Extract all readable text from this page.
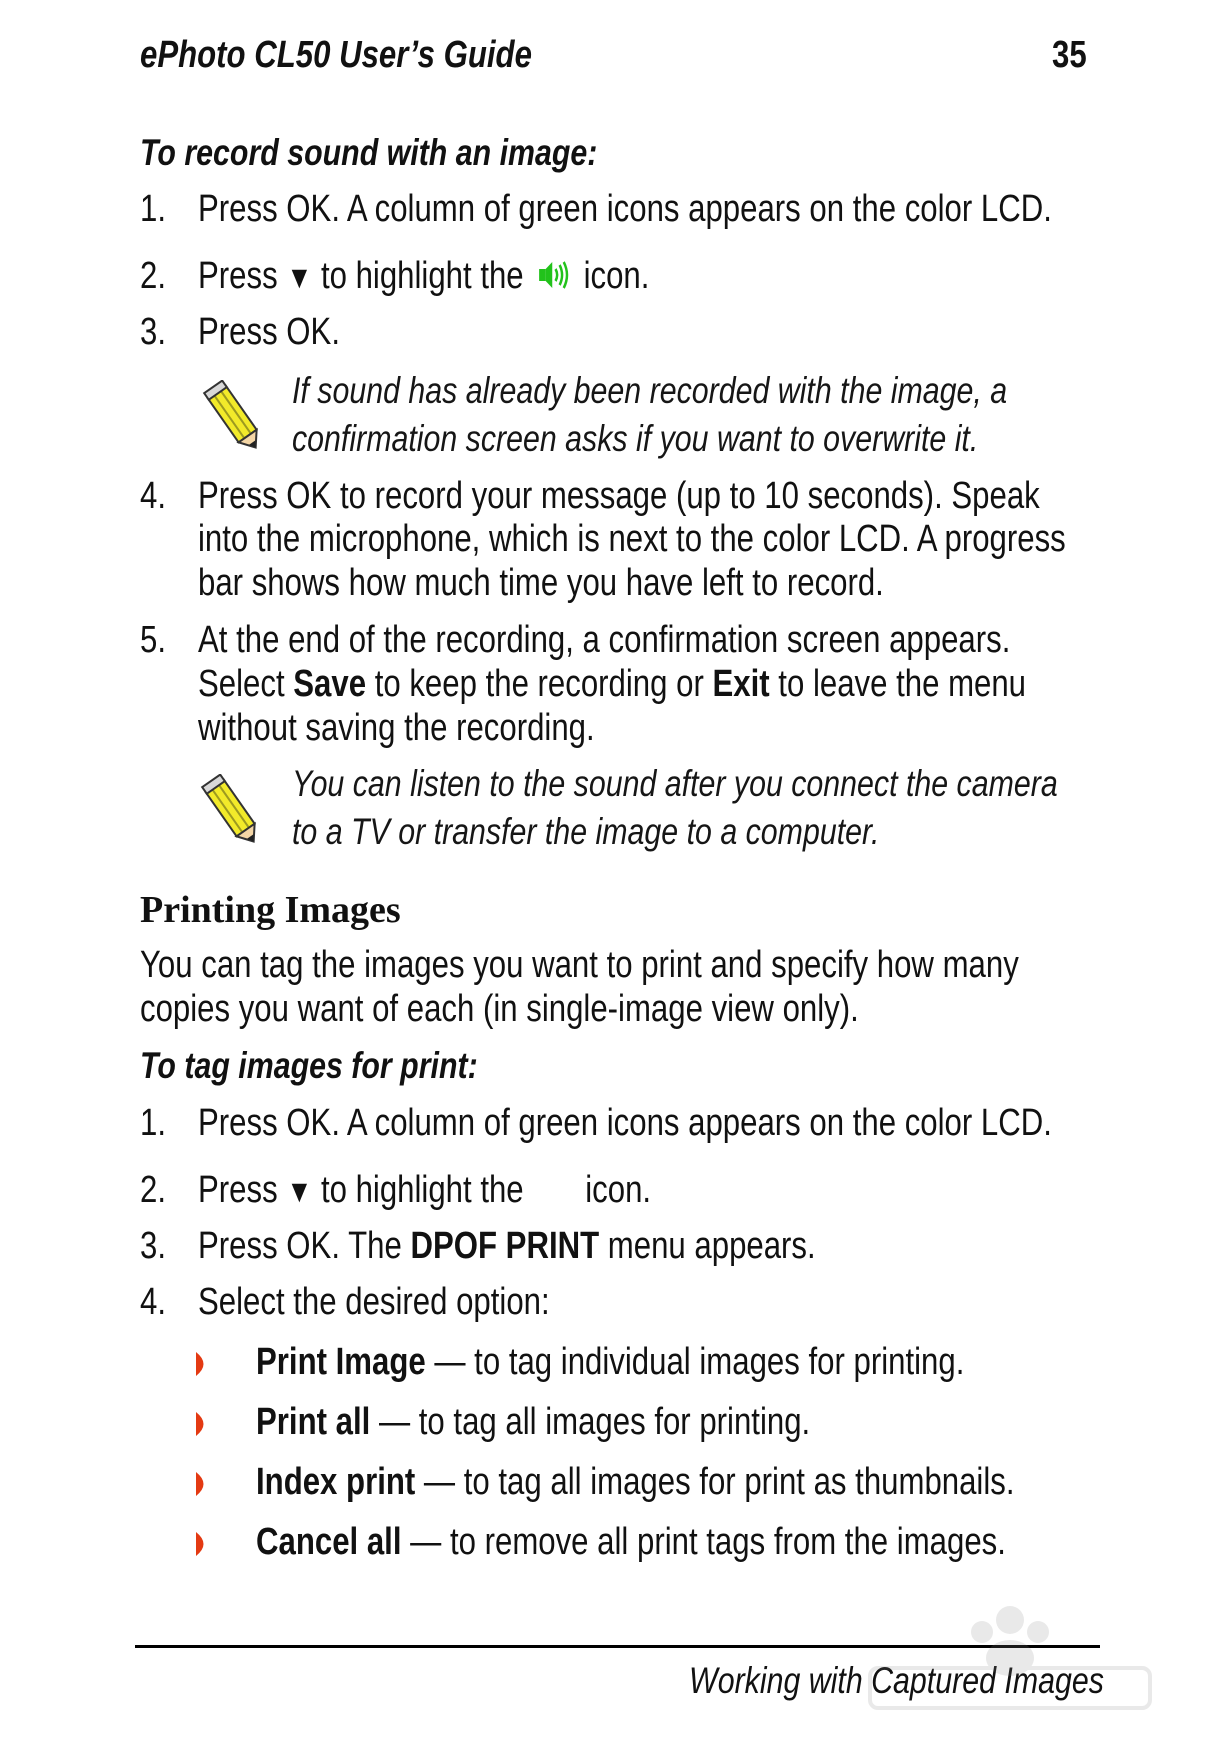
ePhoto CL50 User’s Guide	35
To record sound with an image:
1. Press OK. A column of green icons appears on the color LCD.
2. Press ▼ to highlight the icon.
3. Press OK.
If sound has already been recorded with the image, a
confirmation screen asks if you want to overwrite it.
4. Press OK to record your message (up to 10 seconds). Speak
into the microphone, which is next to the color LCD. A progress
bar shows how much time you have left to record.
5. At the end of the recording, a confirmation screen appears.
Select Save to keep the recording or Exit to leave the menu
without saving the recording.
You can listen to the sound after you connect the camera
to a TV or transfer the image to a computer.
Printing Images
You can tag the images you want to print and specify how many
copies you want of each (in single-image view only).
To tag images for print:
1. Press OK. A column of green icons appears on the color LCD.
2. Press ▼ to highlight the icon.
3. Press OK. The DPOF PRINT menu appears.
4. Select the desired option:
Print Image — to tag individual images for printing.
Print all — to tag all images for printing.
Index print — to tag all images for print as thumbnails.
Cancel all — to remove all print tags from the images.
Working with Captured Images
